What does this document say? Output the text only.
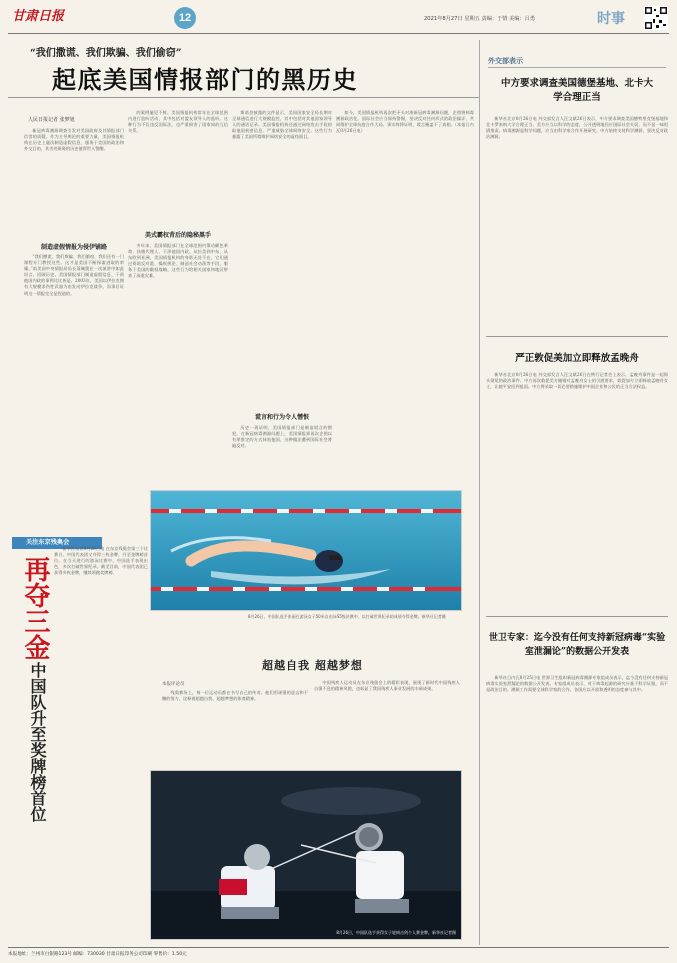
甘肃日报	12	2021年8月27日 星期五 责编：于情 美编：吕勇	时事
“我们撒谎、我们欺骗、我们偷窃”
起底美国情报部门的黑历史
人民日报记者 张梦旭

新冠病毒溯源调查引发对美国政府及其情报部门信誉的质疑。作为主导舆论的重要力量，美国情报机构在历史上屡次制造虚假信息，服务于美国的政治和外交目的，其劣迹斑斑的历史值得世人警醒。

制造虚假情报为侵伊铺路

“我们撒谎、我们欺骗、我们偷窃，我们还有一门课程专门教授这些。这才是美国不断探索进取的荣耀。”前美国中央情报局局长蓬佩奥在一次演讲中如此坦言。回顾历史，美国情报部门制造虚假信息、干预他国内政的事例比比皆是。2003年，美国以伊拉克拥有大规模杀伤性武器为由发动伊拉克战争，而事后证明这一情报完全是捏造的。

的案例屡见不鲜。美国情报机构常年在全球范围内进行监听活动，其中包括对盟友领导人的监听。这种行为不仅违反国际法，也严重损害了国家间的互信关系。

美式霸权背后的隐秘黑手

多年来，美国情报部门在全球范围内策动颜色革命、扶植代理人、干涉他国内政。从拉美到中东，从东欧到亚洲，美国情报机构的身影无处不在。它们通过资助反对派、操纵舆论、制造社会动荡等手段，服务于美国的霸权战略。这些行为给相关国家和地区带来了深重灾难。

斯诺登披露的文件显示，美国国家安全局长期对全球通信进行大规模监控，其中包括对其他国家领导人的通话记录。美国情报机构还通过网络攻击手段窃取他国机密信息，严重威胁全球网络安全。这些行为暴露了美国所谓维护网络安全的虚伪面目。

谎言和行为令人憎恨

历史一再证明，美国情报部门是制造谎言的惯犯。在新冠病毒溯源问题上，美国情报界再次企图以有罪推定的方式抹黑他国，这种做法遭到国际社会普遍反对。

如今，美国情报机构再次把矛头对准新冠病毒溯源问题，企图将病毒溯源政治化。国际社会应当保持警惕，坚决反对任何形式的政治操弄，共同维护全球抗疫合作大局。事实终将证明，谎言掩盖不了真相。（本报日内瓦8月26日电）

外交部表示
中方要求调查美国德堡基地、北卡大学合理正当

新华社北京8月26日电 外交部发言人汪文斌26日表示，中方要求调查美国德特里克堡基地和北卡罗来纳大学合理正当。美方应当以科学的态度，公开透明地回应国际社会关切，而不是一味甩锅推责。病毒溯源是科学问题，应当由科学家合作开展研究。中方始终支持科学溯源，坚决反对政治溯源。

严正敦促美加立即释放孟晚舟

新华社北京8月26日电 外交部发言人汪文斌26日在例行记者会上表示，孟晚舟事件是一起彻头彻尾的政治事件。中方再次敦促美方撤销对孟晚舟女士的引渡要求，敦促加方立即释放孟晚舟女士，让她平安回到祖国。中方将采取一切必要措施维护中国企业和公民的正当合法权益。

世卫专家：迄今没有任何支持新冠病毒“实验室泄漏论”的数据公开发表

新华社日内瓦8月25日电 世界卫生组织新冠病毒溯源专家组成员表示，迄今没有任何支持新冠病毒实验室泄漏论的数据公开发表。专家组成员表示，对于病毒起源的研究应基于科学证据，而不是政治目的。溯源工作需要全球科学家的合作，各国应以开放和透明的态度参与其中。

关注东京残奥会
再夺三金
中国队升至奖牌榜首位

新华社东京8月26日电 在东京残奥会第三个比赛日，中国代表团又夺得三枚金牌，升至金牌榜首位。在当天进行的游泳比赛中，中国选手表现出色，多次打破世界纪录。截至目前，中国代表团已获得多枚金牌，继续领跑奖牌榜。

8月26日，中国队选手张丽在游泳女子50米自由泳S5级决赛中，以打破世界纪录的成绩夺得金牌。新华社记者摄
超越自我 超越梦想
本报评论员

残奥赛场上，每一位运动员都在书写自己的传奇。他们用顽强的意志和不懈的努力，诠释着超越自我、超越梦想的体育精神。

中国残疾人运动员在东京残奥会上的精彩表现，展现了新时代中国残疾人自强不息的精神风貌，也彰显了我国残疾人事业发展的丰硕成果。

8月26日，中国队选手获得女子轮椅击剑个人赛金牌。新华社记者摄
本报地址：兰州市白银路123号 邮编：730030 甘肃日报印务公司印刷 零售价：1.50元
